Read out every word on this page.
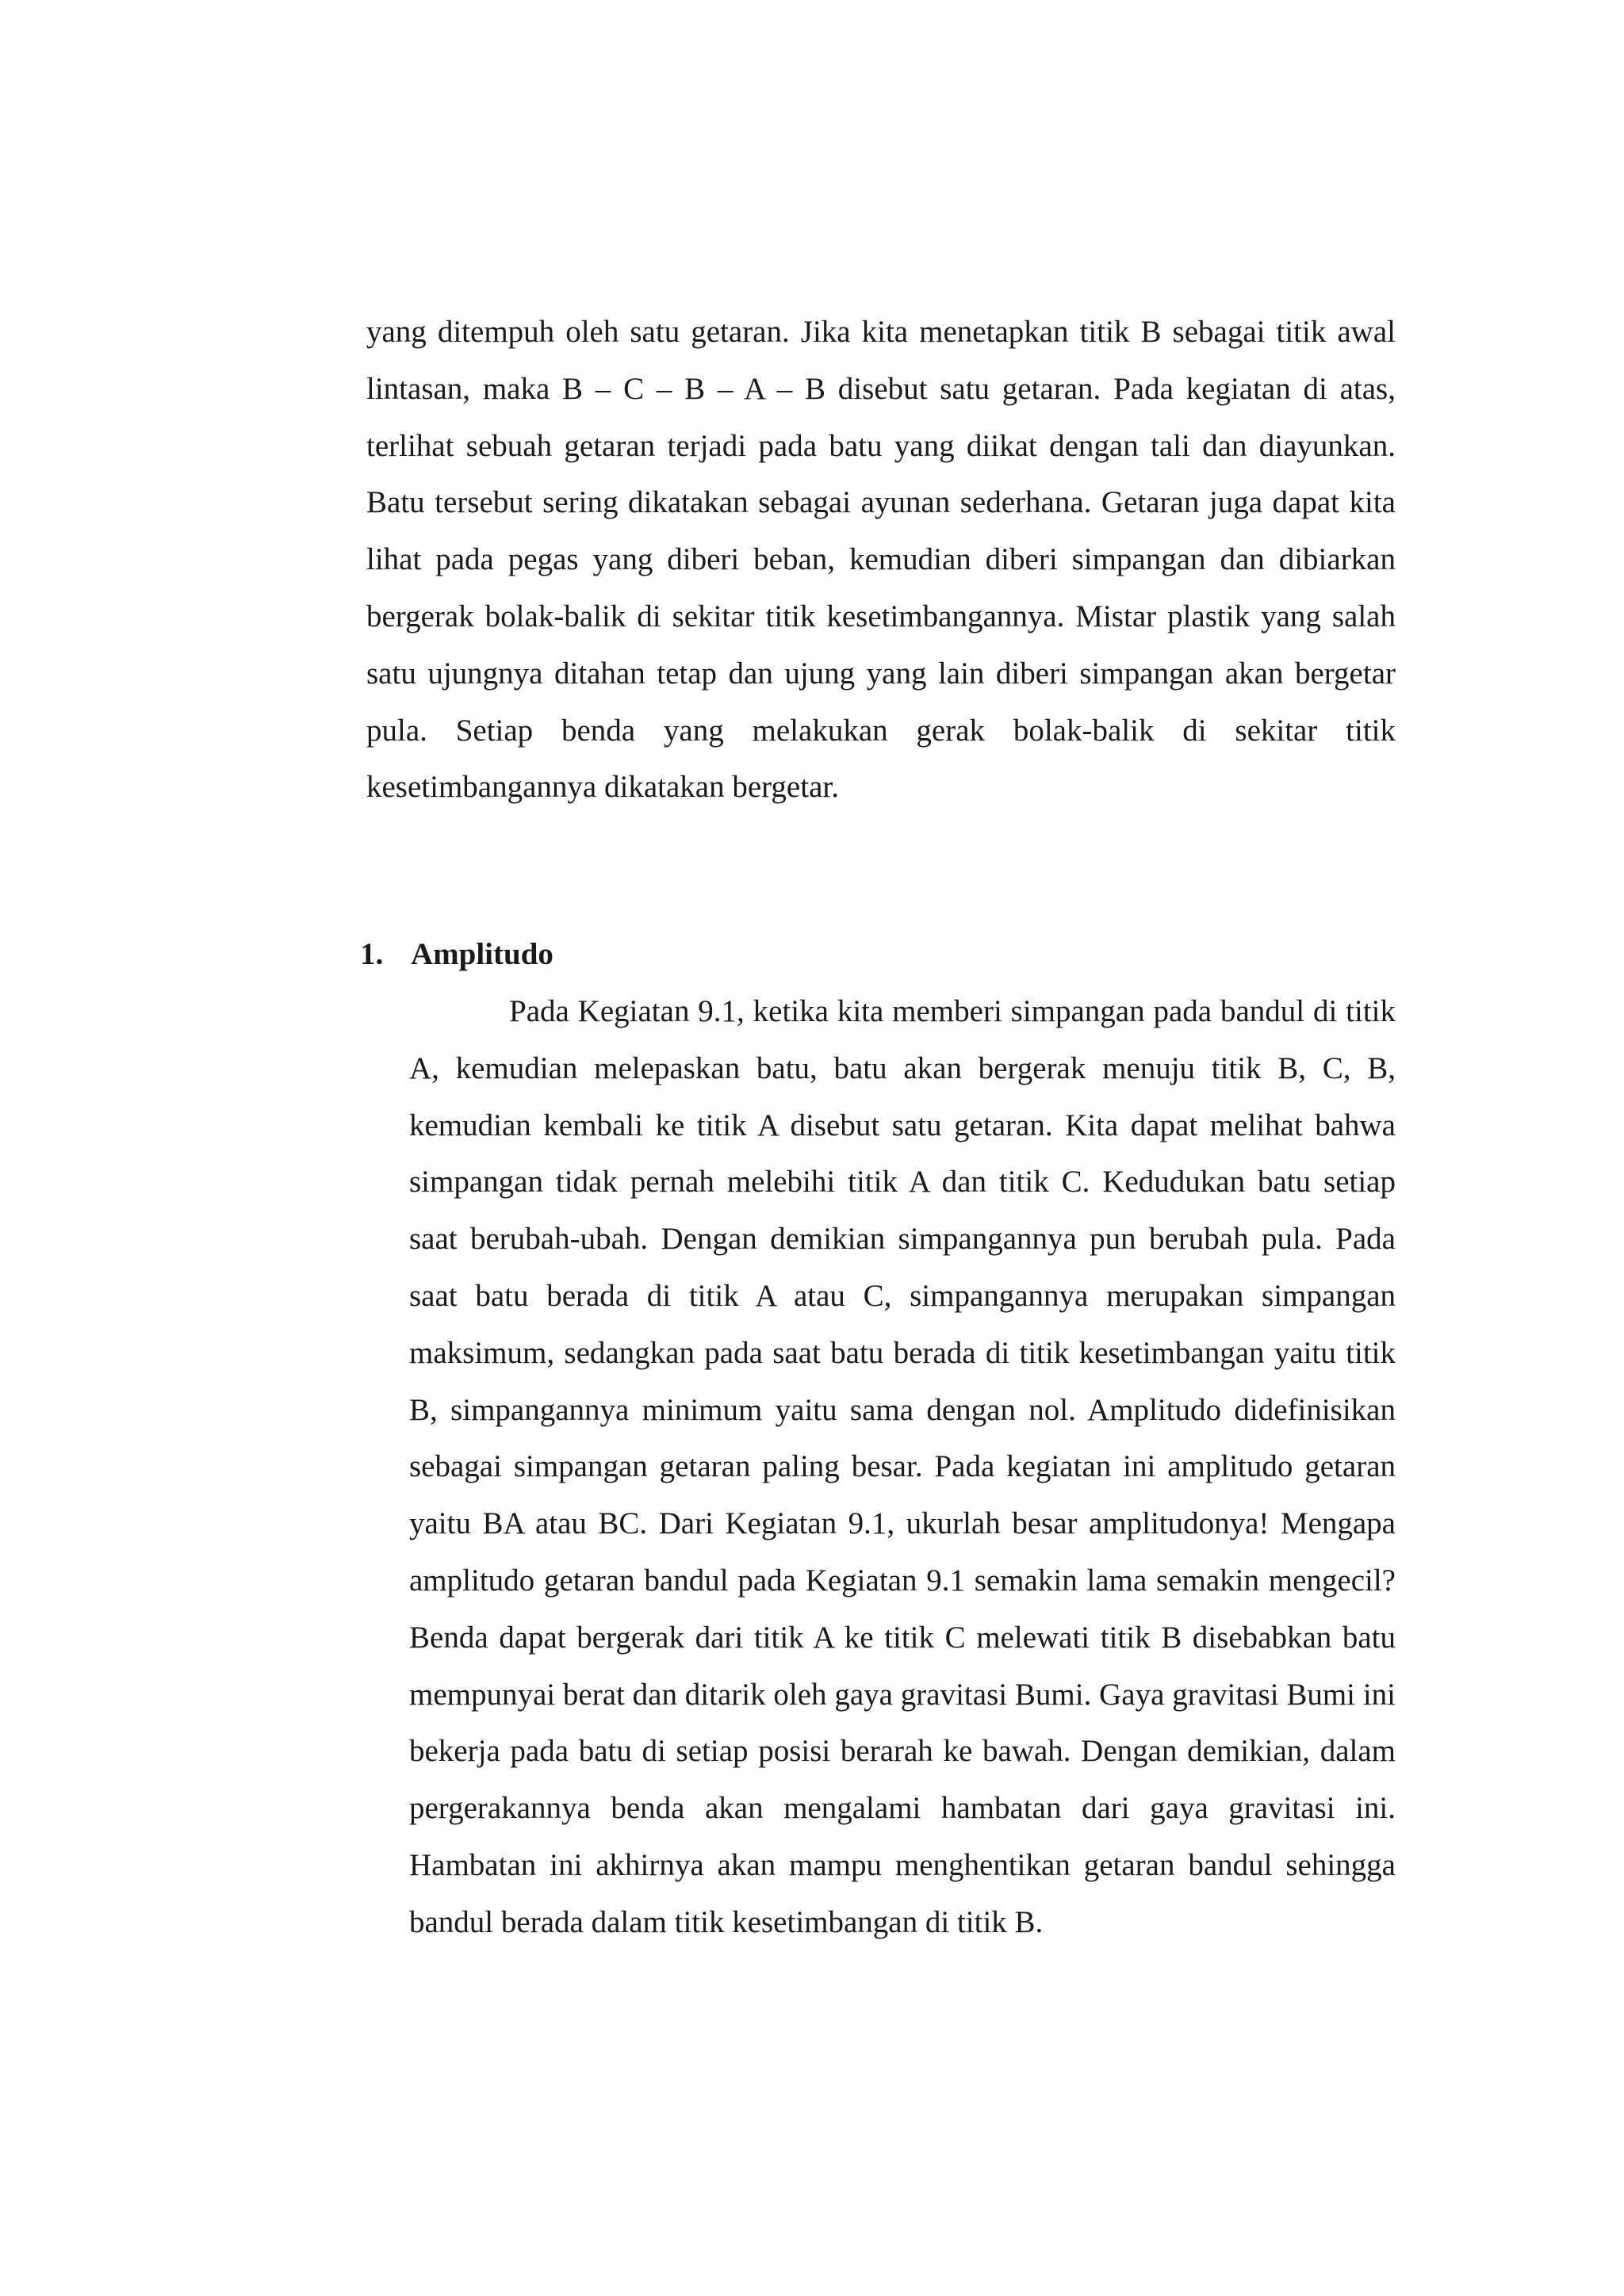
yang ditempuh oleh satu getaran. Jika kita menetapkan titik B sebagai titik awal lintasan, maka B – C – B – A – B disebut satu getaran. Pada kegiatan di atas, terlihat sebuah getaran terjadi pada batu yang diikat dengan tali dan diayunkan. Batu tersebut sering dikatakan sebagai ayunan sederhana. Getaran juga dapat kita lihat pada pegas yang diberi beban, kemudian diberi simpangan dan dibiarkan bergerak bolak-balik di sekitar titik kesetimbangannya. Mistar plastik yang salah satu ujungnya ditahan tetap dan ujung yang lain diberi simpangan akan bergetar pula. Setiap benda yang melakukan gerak bolak-balik di sekitar titik kesetimbangannya dikatakan bergetar.

1. Amplitudo

Pada Kegiatan 9.1, ketika kita memberi simpangan pada bandul di titik A, kemudian melepaskan batu, batu akan bergerak menuju titik B, C, B, kemudian kembali ke titik A disebut satu getaran. Kita dapat melihat bahwa simpangan tidak pernah melebihi titik A dan titik C. Kedudukan batu setiap saat berubah-ubah. Dengan demikian simpangannya pun berubah pula. Pada saat batu berada di titik A atau C, simpangannya merupakan simpangan maksimum, sedangkan pada saat batu berada di titik kesetimbangan yaitu titik B, simpangannya minimum yaitu sama dengan nol. Amplitudo didefinisikan sebagai simpangan getaran paling besar. Pada kegiatan ini amplitudo getaran yaitu BA atau BC. Dari Kegiatan 9.1, ukurlah besar amplitudonya! Mengapa amplitudo getaran bandul pada Kegiatan 9.1 semakin lama semakin mengecil? Benda dapat bergerak dari titik A ke titik C melewati titik B disebabkan batu mempunyai berat dan ditarik oleh gaya gravitasi Bumi. Gaya gravitasi Bumi ini bekerja pada batu di setiap posisi berarah ke bawah. Dengan demikian, dalam pergerakannya benda akan mengalami hambatan dari gaya gravitasi ini. Hambatan ini akhirnya akan mampu menghentikan getaran bandul sehingga bandul berada dalam titik kesetimbangan di titik B.
